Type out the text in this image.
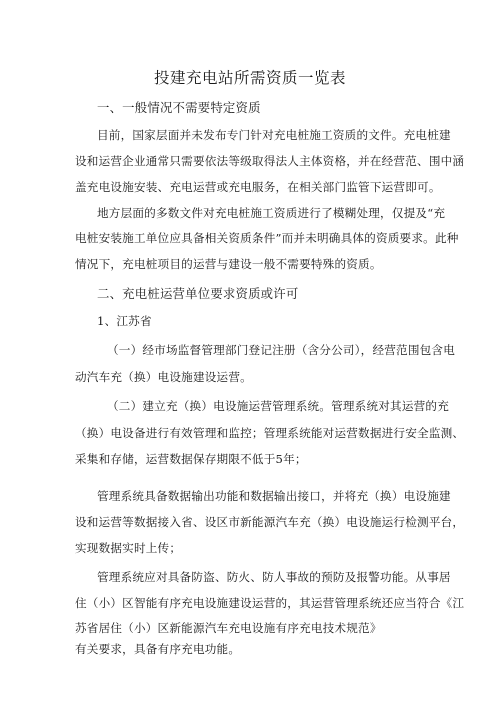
投建充电站所需资质一览表
一、一般情况不需要特定资质
目前，国家层面并未发布专门针对充电桩施工资质的文件。充电桩建
设和运营企业通常只需要依法等级取得法人主体资格，并在经营范、围中涵
盖充电设施安装、充电运营或充电服务，在相关部门监管下运营即可。
地方层面的多数文件对充电桩施工资质进行了模糊处理，仅提及“充
电桩安装施工单位应具备相关资质条件”而并未明确具体的资质要求。此种
情况下，充电桩项目的运营与建设一般不需要特殊的资质。
二、充电桩运营单位要求资质或许可
1、江苏省
（一）经市场监督管理部门登记注册（含分公司），经营范围包含电
动汽车充（换）电设施建设运营。
（二）建立充（换）电设施运营管理系统。管理系统对其运营的充
（换）电设备进行有效管理和监控；管理系统能对运营数据进行安全监测、
采集和存储，运营数据保存期限不低于5年；
管理系统具备数据输出功能和数据输出接口，并将充（换）电设施建
设和运营等数据接入省、设区市新能源汽车充（换）电设施运行检测平台，
实现数据实时上传；
管理系统应对具备防盗、防火、防人事故的预防及报警功能。从事居
住（小）区智能有序充电设施建设运营的，其运营管理系统还应当符合《江
苏省居住（小）区新能源汽车充电设施有序充电技术规范》
有关要求，具备有序充电功能。
